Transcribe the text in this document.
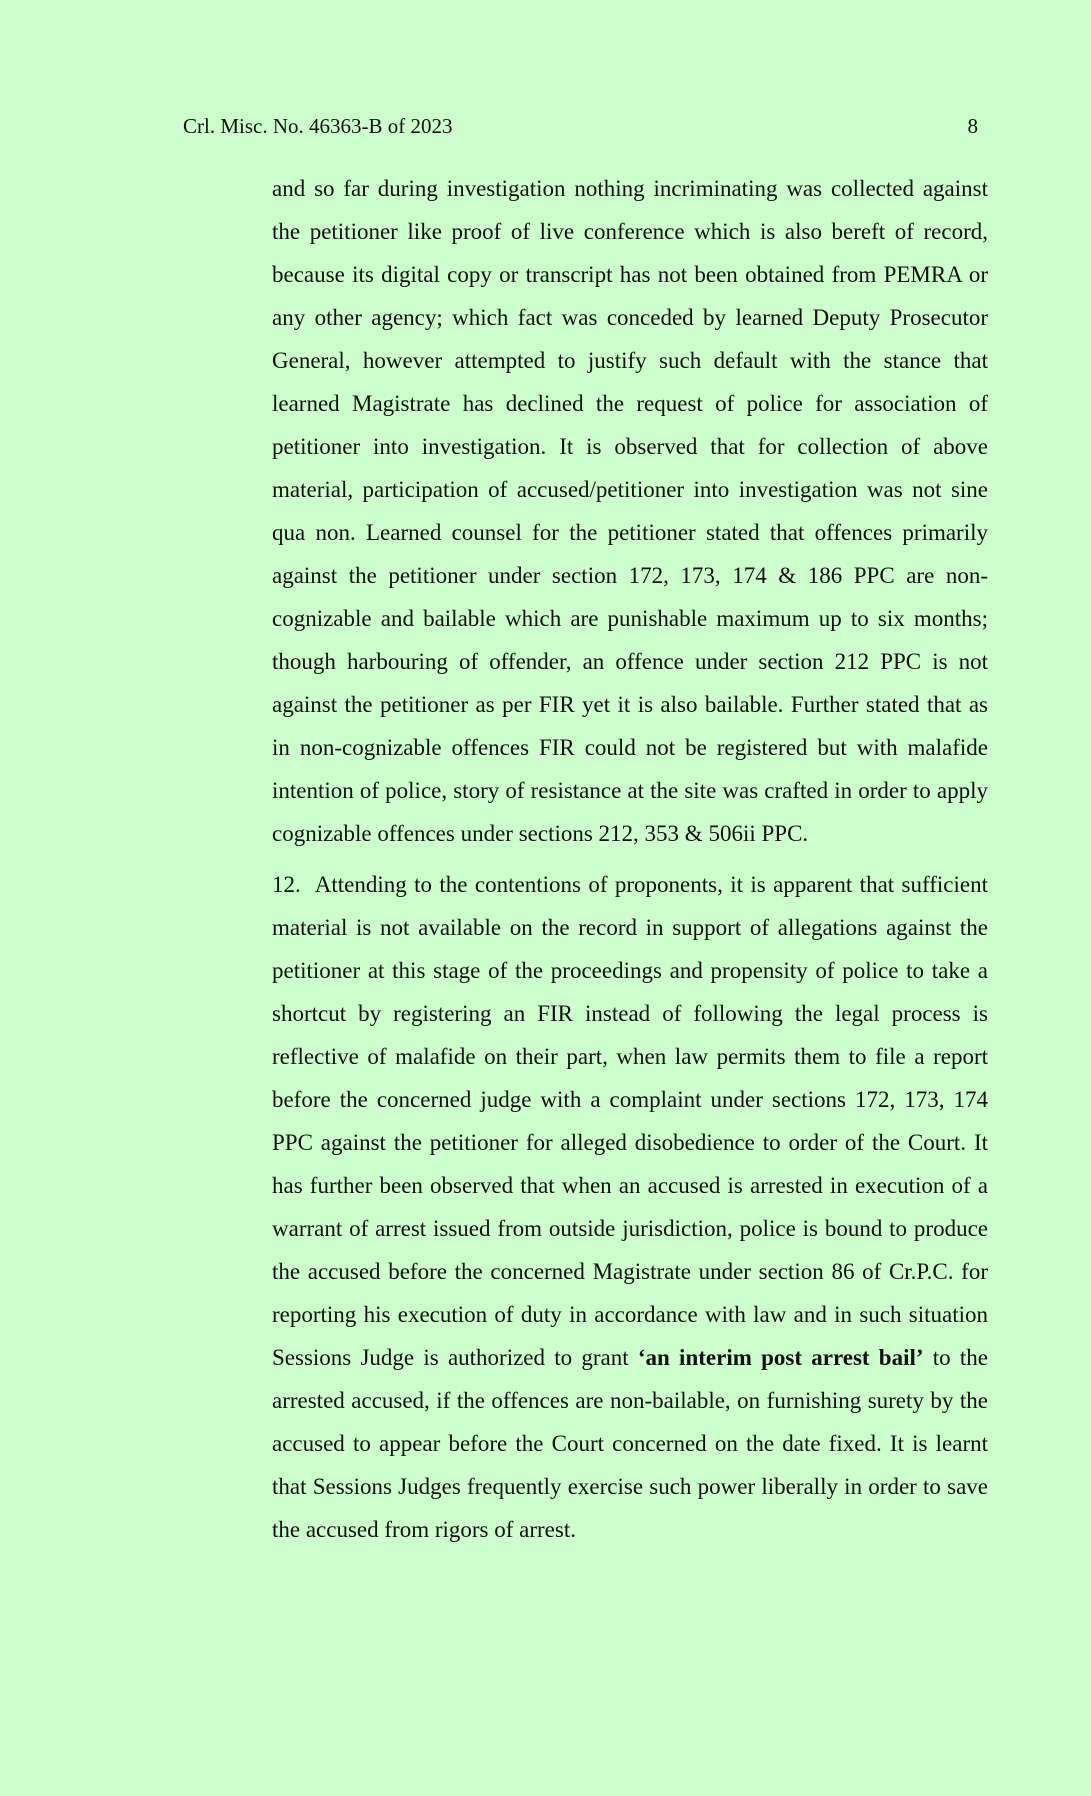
Crl. Misc. No. 46363-B of 2023	8

and so far during investigation nothing incriminating was collected against the petitioner like proof of live conference which is also bereft of record, because its digital copy or transcript has not been obtained from PEMRA or any other agency; which fact was conceded by learned Deputy Prosecutor General, however attempted to justify such default with the stance that learned Magistrate has declined the request of police for association of petitioner into investigation. It is observed that for collection of above material, participation of accused/petitioner into investigation was not sine qua non. Learned counsel for the petitioner stated that offences primarily against the petitioner under section 172, 173, 174 & 186 PPC are non-cognizable and bailable which are punishable maximum up to six months; though harbouring of offender, an offence under section 212 PPC is not against the petitioner as per FIR yet it is also bailable. Further stated that as in non-cognizable offences FIR could not be registered but with malafide intention of police, story of resistance at the site was crafted in order to apply cognizable offences under sections 212, 353 & 506ii PPC.

12. Attending to the contentions of proponents, it is apparent that sufficient material is not available on the record in support of allegations against the petitioner at this stage of the proceedings and propensity of police to take a shortcut by registering an FIR instead of following the legal process is reflective of malafide on their part, when law permits them to file a report before the concerned judge with a complaint under sections 172, 173, 174 PPC against the petitioner for alleged disobedience to order of the Court. It has further been observed that when an accused is arrested in execution of a warrant of arrest issued from outside jurisdiction, police is bound to produce the accused before the concerned Magistrate under section 86 of Cr.P.C. for reporting his execution of duty in accordance with law and in such situation Sessions Judge is authorized to grant ‘an interim post arrest bail’ to the arrested accused, if the offences are non-bailable, on furnishing surety by the accused to appear before the Court concerned on the date fixed. It is learnt that Sessions Judges frequently exercise such power liberally in order to save the accused from rigors of arrest.
